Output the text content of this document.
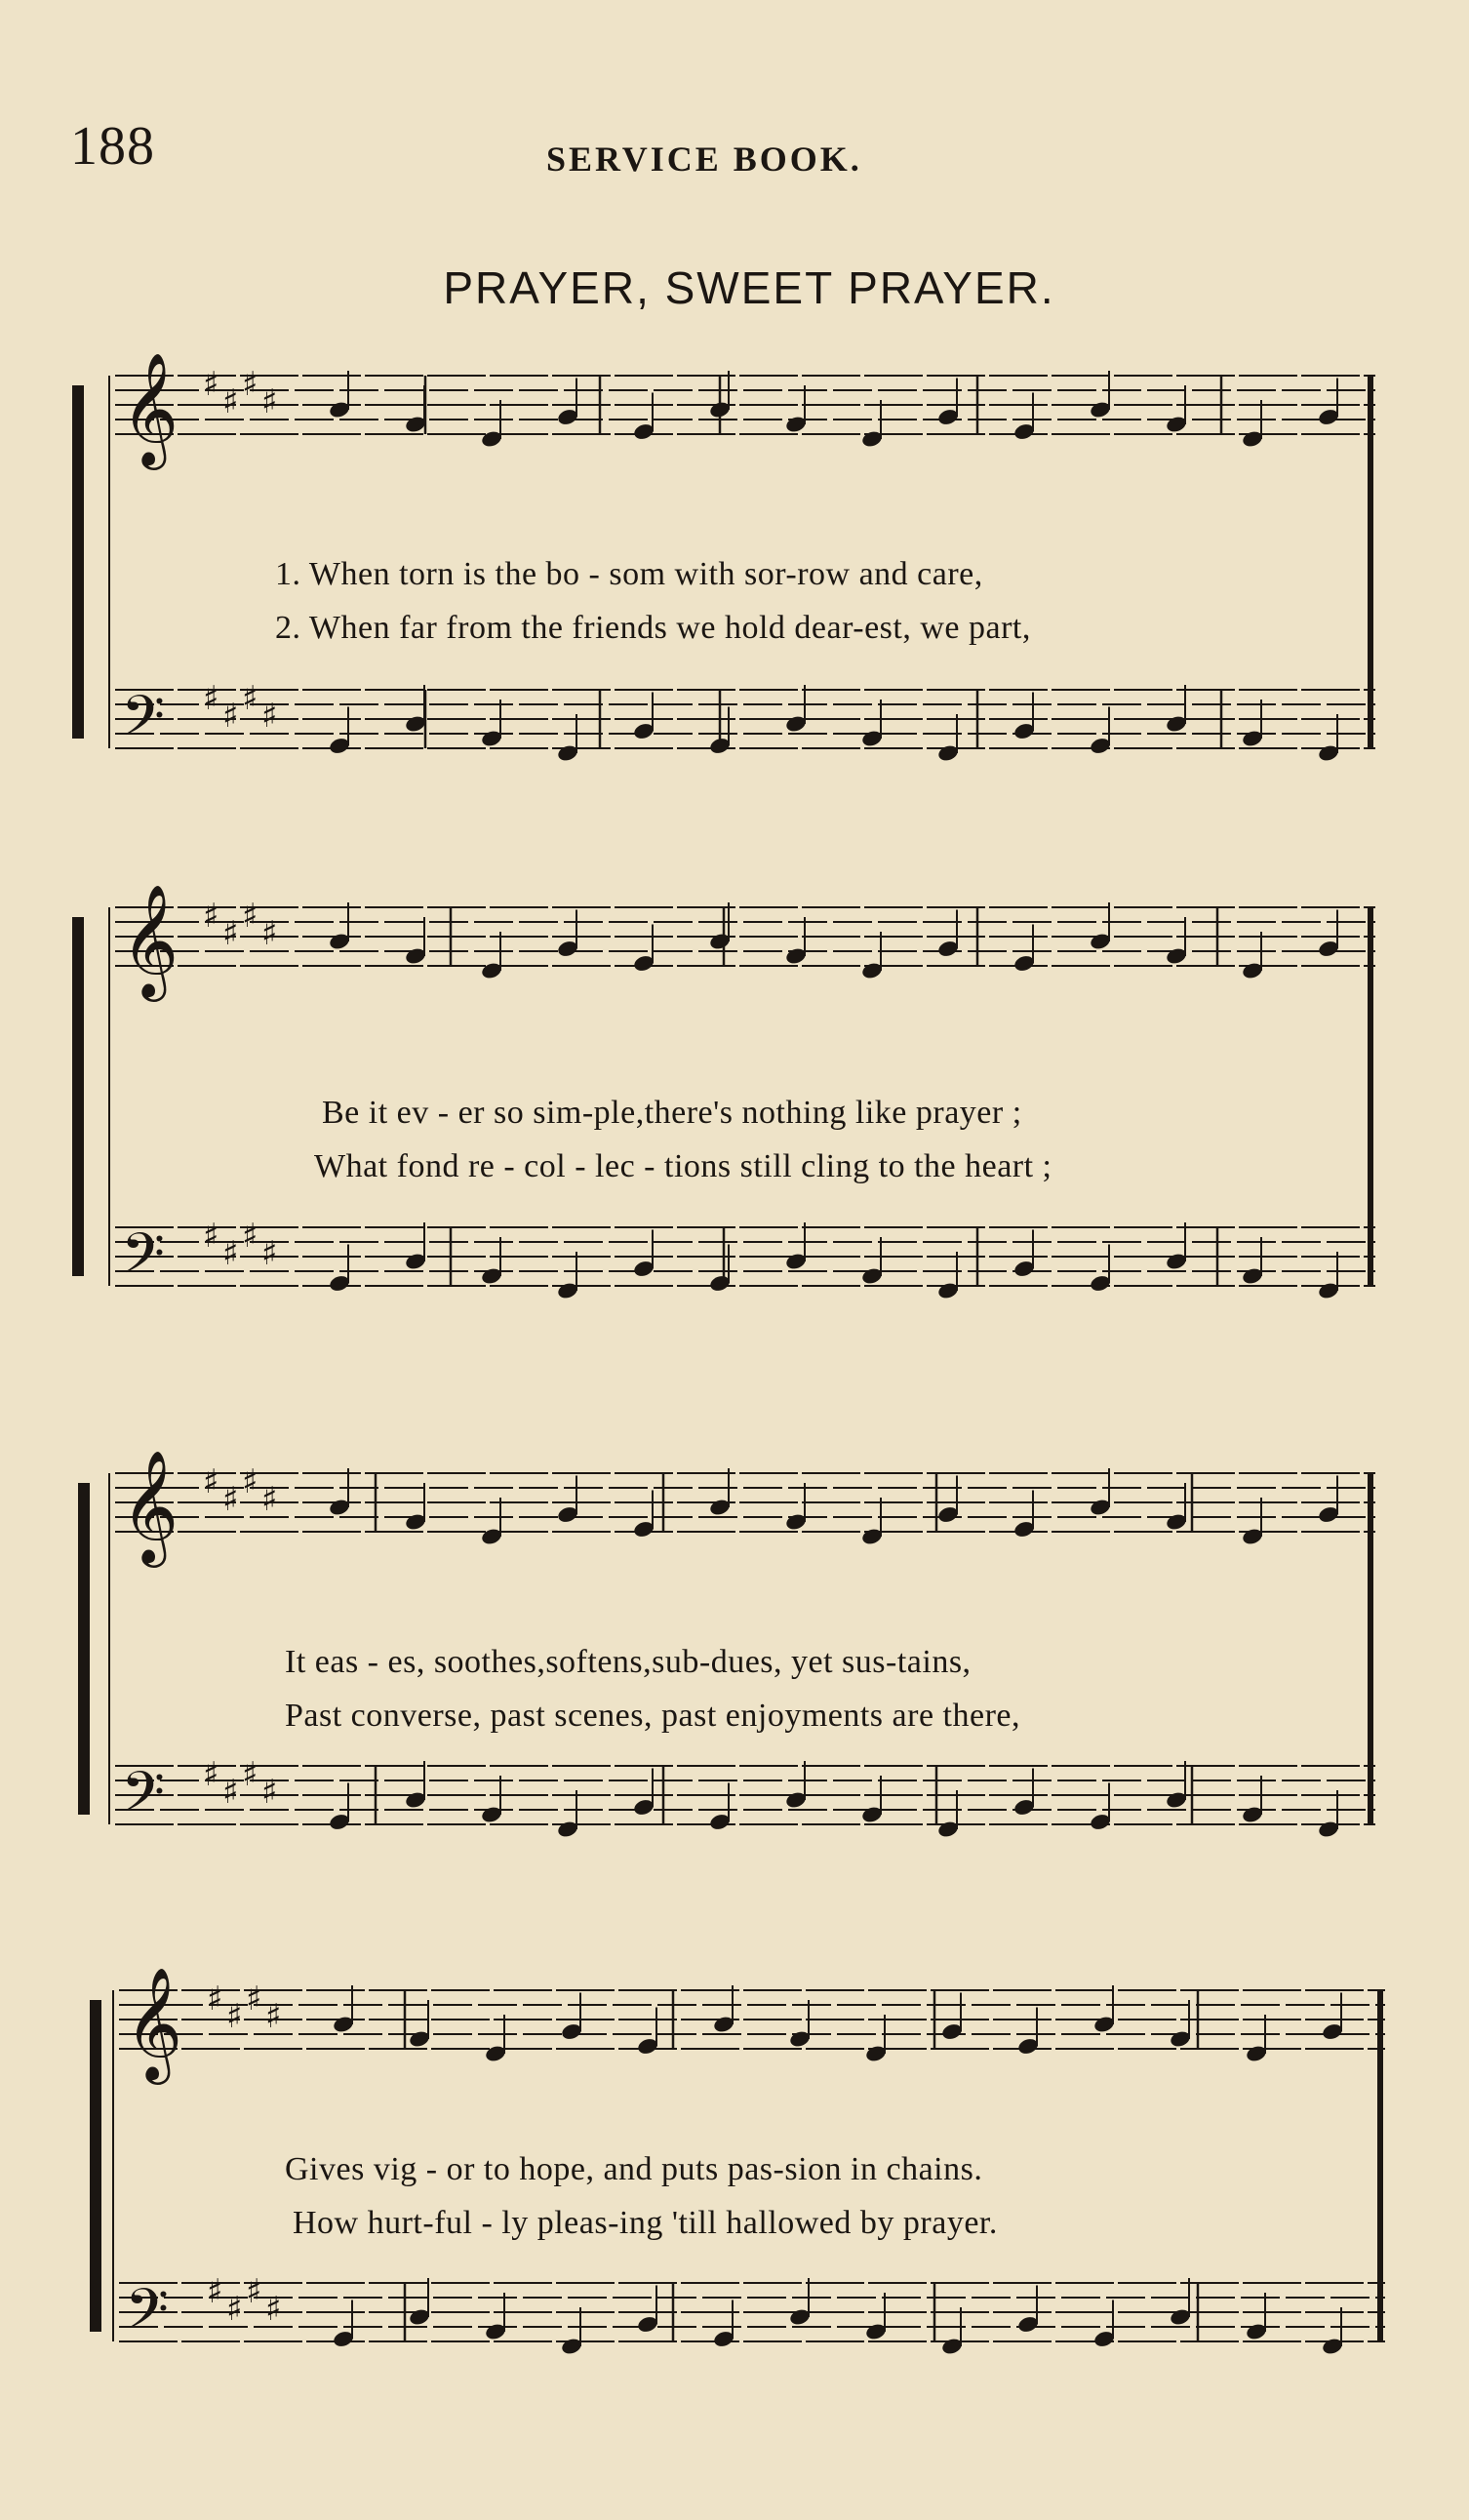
188	SERVICE BOOK.
PRAYER, SWEET PRAYER.
𝄞 ♯ ♯ ♯ ♯
𝄢 ♯ ♯ ♯ ♯
1. When torn is the bo - som with sor-row and care,
2. When far from the friends we hold dear-est, we part,
𝄞 ♯ ♯ ♯ ♯
𝄢 ♯ ♯ ♯ ♯
Be it ev - er so sim-ple,there's nothing like prayer ;
What fond re - col - lec - tions still cling to the heart ;
𝄞 ♯ ♯ ♯ ♯
𝄢 ♯ ♯ ♯ ♯
It eas - es, soothes,softens,sub-dues, yet sus-tains,
Past converse, past scenes, past enjoyments are there,
𝄞 ♯ ♯ ♯ ♯
𝄢 ♯ ♯ ♯ ♯
Gives vig - or to hope, and puts pas-sion in chains.
How hurt-ful - ly pleas-ing 'till hallowed by prayer.
